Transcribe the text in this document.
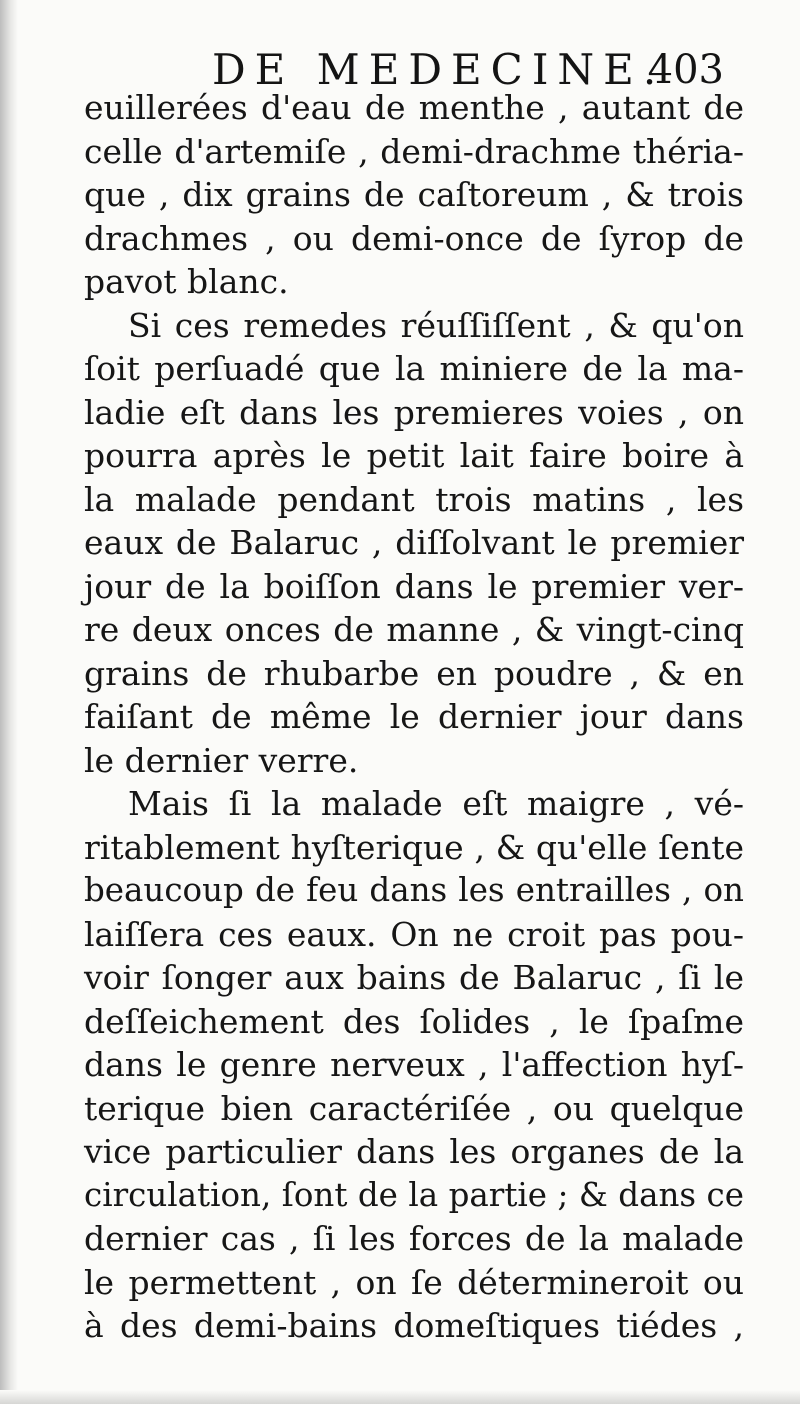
DE MEDECINE.
403
euillerées d'eau de menthe , autant de
celle d'artemiſe , demi-drachme théria-
que , dix grains de caſtoreum , & trois
drachmes , ou demi-once de ſyrop de
pavot blanc.
Si ces remedes réuſſiſſent , & qu'on
ſoit perſuadé que la miniere de la ma-
ladie eſt dans les premieres voies , on
pourra après le petit lait faire boire à
la malade pendant trois matins , les
eaux de Balaruc , diſſolvant le premier
jour de la boiſſon dans le premier ver-
re deux onces de manne , & vingt-cinq
grains de rhubarbe en poudre , & en
faiſant de même le dernier jour dans
le dernier verre.
Mais ſi la malade eſt maigre , vé-
ritablement hyſterique , & qu'elle ſente
beaucoup de feu dans les entrailles , on
laiſſera ces eaux. On ne croit pas pou-
voir ſonger aux bains de Balaruc , ſi le
deſſeichement des ſolides , le ſpaſme
dans le genre nerveux , l'affection hyſ-
terique bien caractériſée , ou quelque
vice particulier dans les organes de la
circulation, ſont de la partie ; & dans ce
dernier cas , ſi les forces de la malade
le permettent , on ſe détermineroit ou
à des demi-bains domeſtiques tiédes ,
